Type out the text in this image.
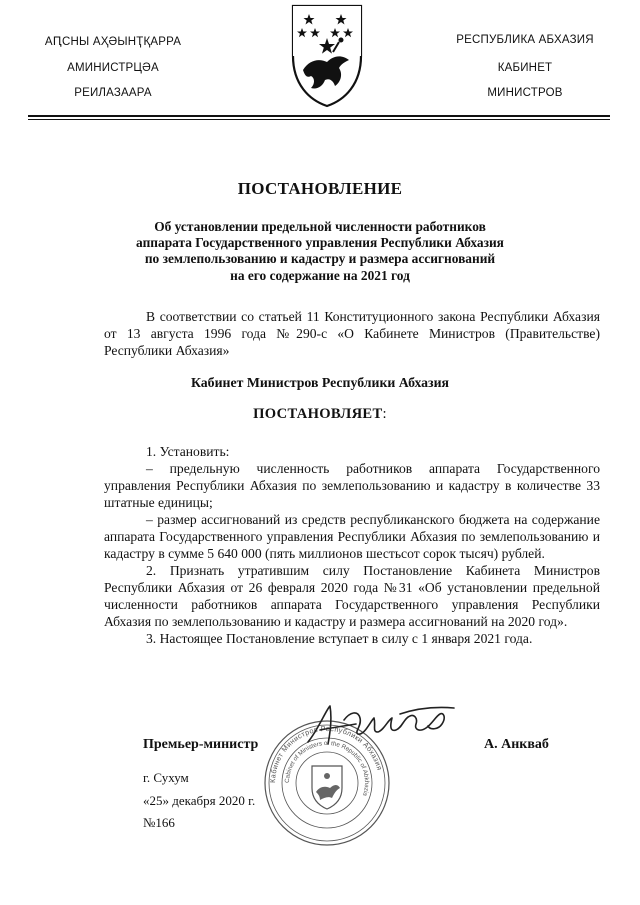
АԤСНЫ АҲӘЫНҬҚАРРА
АМИНИСТРЦӘА
РЕИЛАЗААРА
РЕСПУБЛИКА АБХАЗИЯ
КАБИНЕТ
МИНИСТРОВ
ПОСТАНОВЛЕНИЕ
Об установлении предельной численности работников
аппарата Государственного управления Республики Абхазия
по землепользованию и кадастру и размера ассигнований
на его содержание на 2021 год
В соответствии со статьей 11 Конституционного закона Республики Абхазия от 13 августа 1996 года №290-с «О Кабинете Министров (Правительстве) Республики Абхазия»
Кабинет Министров Республики Абхазия
ПОСТАНОВЛЯЕТ:

1. Установить:

– предельную численность работников аппарата Государственного управления Республики Абхазия по землепользованию и кадастру в количестве 33 штатные единицы;

– размер ассигнований из средств республиканского бюджета на содержание аппарата Государственного управления Республики Абхазия по землепользованию и кадастру в сумме 5 640 000 (пять миллионов шестьсот сорок тысяч) рублей.

2. Признать утратившим силу Постановление Кабинета Министров Республики Абхазия от 26 февраля 2020 года №31 «Об установлении предельной численности работников аппарата Государственного управления Республики Абхазия по землепользованию и кадастру и размера ассигнований на 2020 год».

3. Настоящее Постановление вступает в силу с 1 января 2021 года.

Кабинет Министров Республики Абхазия
Cabinet of Ministers of the Republic of Abkhazia
Премьер-министр	А. Анкваб
г. Сухум
«25» декабря 2020 г.
№166
